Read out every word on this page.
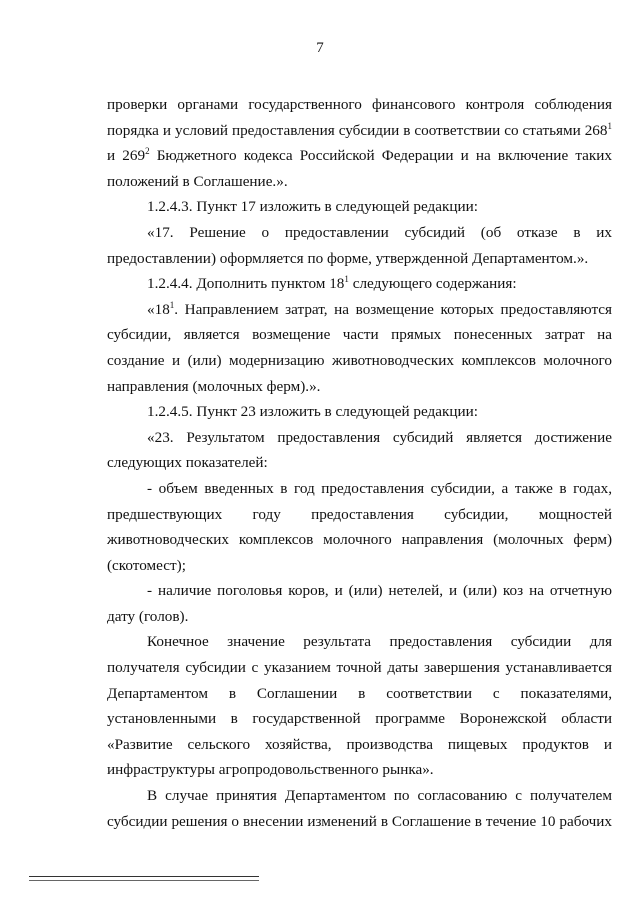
7

проверки органами государственного финансового контроля соблюдения порядка и условий предоставления субсидии в соответствии со статьями $268^1$ и $269^2$ Бюджетного кодекса Российской Федерации и на включение таких положений в Соглашение.».

1.2.4.3. Пункт 17 изложить в следующей редакции:

«17. Решение о предоставлении субсидий (об отказе в их предоставлении) оформляется по форме, утвержденной Департаментом.».

1.2.4.4. Дополнить пунктом $18^1$ следующего содержания:

«$18^1$. Направлением затрат, на возмещение которых предоставляются субсидии, является возмещение части прямых понесенных затрат на создание и (или) модернизацию животноводческих комплексов молочного направления (молочных ферм).».

1.2.4.5. Пункт 23 изложить в следующей редакции:

«23. Результатом предоставления субсидий является достижение следующих показателей:

- объем введенных в год предоставления субсидии, а также в годах, предшествующих году предоставления субсидии, мощностей животноводческих комплексов молочного направления (молочных ферм) (скотомест);

- наличие поголовья коров, и (или) нетелей, и (или) коз на отчетную дату (голов).

Конечное значение результата предоставления субсидии для получателя субсидии с указанием точной даты завершения устанавливается Департаментом в Соглашении в соответствии с показателями, установленными в государственной программе Воронежской области «Развитие сельского хозяйства, производства пищевых продуктов и инфраструктуры агропродовольственного рынка».

В случае принятия Департаментом по согласованию с получателем субсидии решения о внесении изменений в Соглашение в течение 10 рабочих
